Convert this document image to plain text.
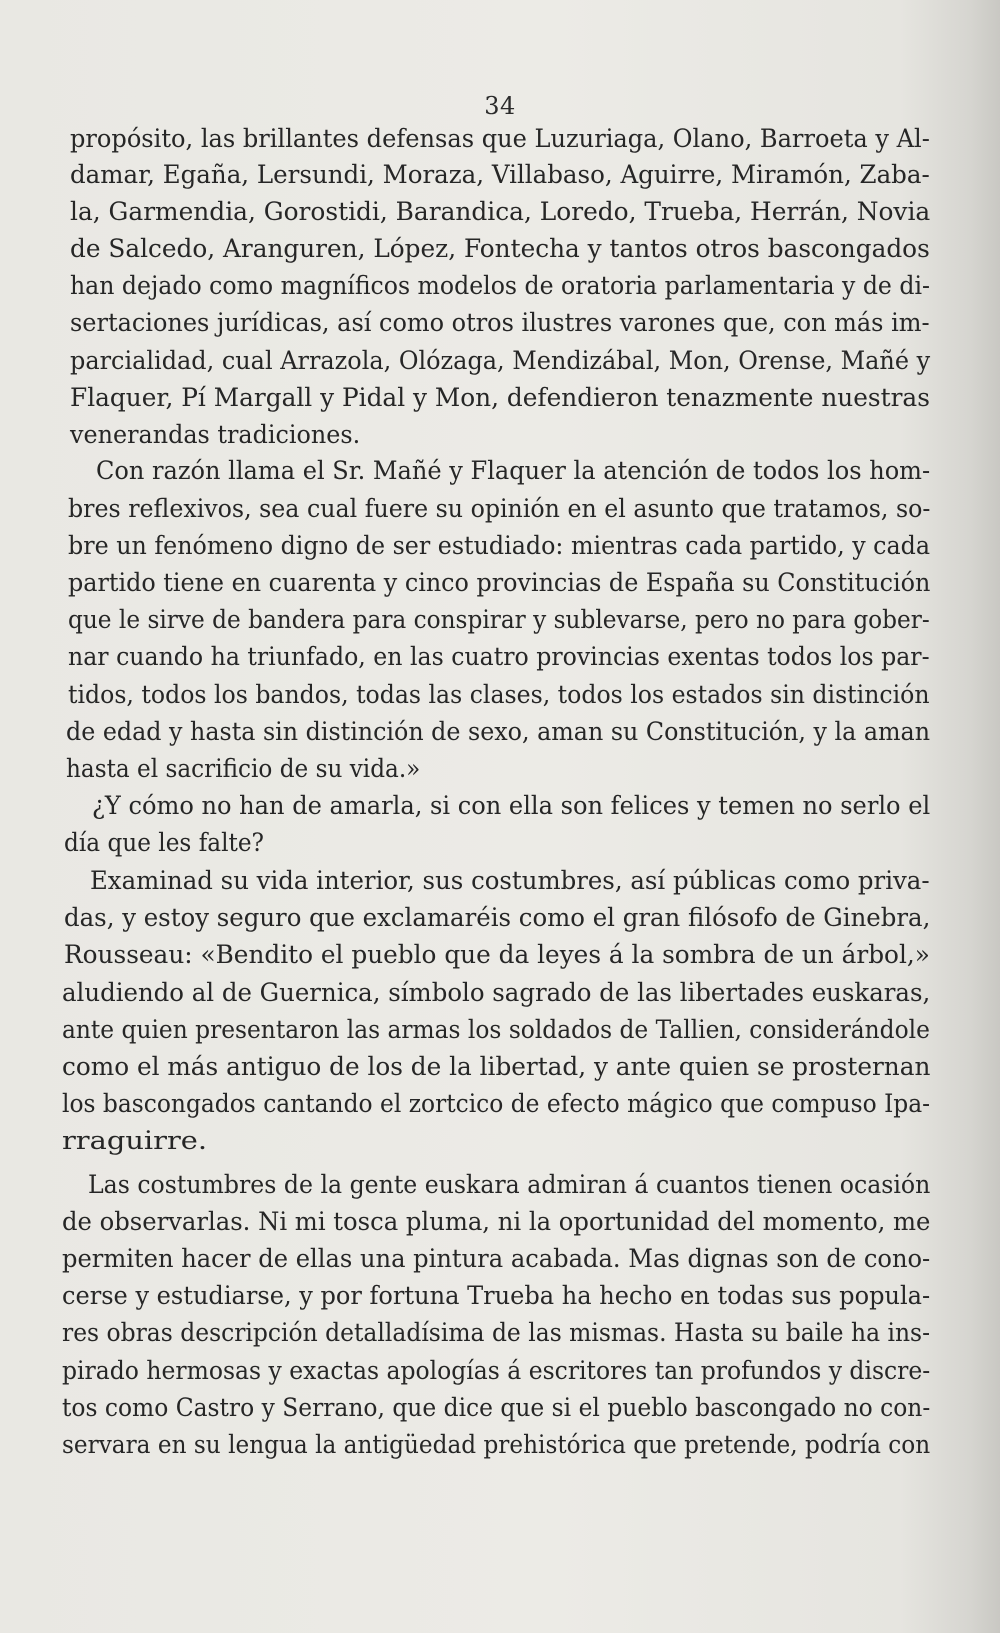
34
propósito, las brillantes defensas que Luzuriaga, Olano, Barroeta y Al-
damar, Egaña, Lersundi, Moraza, Villabaso, Aguirre, Miramón, Zaba-
la, Garmendia, Gorostidi, Barandica, Loredo, Trueba, Herrán, Novia
de Salcedo, Aranguren, López, Fontecha y tantos otros bascongados
han dejado como magníficos modelos de oratoria parlamentaria y de di-
sertaciones jurídicas, así como otros ilustres varones que, con más im-
parcialidad, cual Arrazola, Olózaga, Mendizábal, Mon, Orense, Mañé y
Flaquer, Pí Margall y Pidal y Mon, defendieron tenazmente nuestras
venerandas tradiciones.
Con razón llama el Sr. Mañé y Flaquer la atención de todos los hom-
bres reflexivos, sea cual fuere su opinión en el asunto que tratamos, so-
bre un fenómeno digno de ser estudiado: mientras cada partido, y cada
partido tiene en cuarenta y cinco provincias de España su Constitución
que le sirve de bandera para conspirar y sublevarse, pero no para gober-
nar cuando ha triunfado, en las cuatro provincias exentas todos los par-
tidos, todos los bandos, todas las clases, todos los estados sin distinción
de edad y hasta sin distinción de sexo, aman su Constitución, y la aman
hasta el sacrificio de su vida.»
¿Y cómo no han de amarla, si con ella son felices y temen no serlo el
día que les falte?
Examinad su vida interior, sus costumbres, así públicas como priva-
das, y estoy seguro que exclamaréis como el gran filósofo de Ginebra,
Rousseau: «Bendito el pueblo que da leyes á la sombra de un árbol,»
aludiendo al de Guernica, símbolo sagrado de las libertades euskaras,
ante quien presentaron las armas los soldados de Tallien, considerándole
como el más antiguo de los de la libertad, y ante quien se prosternan
los bascongados cantando el zortcico de efecto mágico que compuso Ipa-
rraguirre.
Las costumbres de la gente euskara admiran á cuantos tienen ocasión
de observarlas. Ni mi tosca pluma, ni la oportunidad del momento, me
permiten hacer de ellas una pintura acabada. Mas dignas son de cono-
cerse y estudiarse, y por fortuna Trueba ha hecho en todas sus popula-
res obras descripción detalladísima de las mismas. Hasta su baile ha ins-
pirado hermosas y exactas apologías á escritores tan profundos y discre-
tos como Castro y Serrano, que dice que si el pueblo bascongado no con-
servara en su lengua la antigüedad prehistórica que pretende, podría con
